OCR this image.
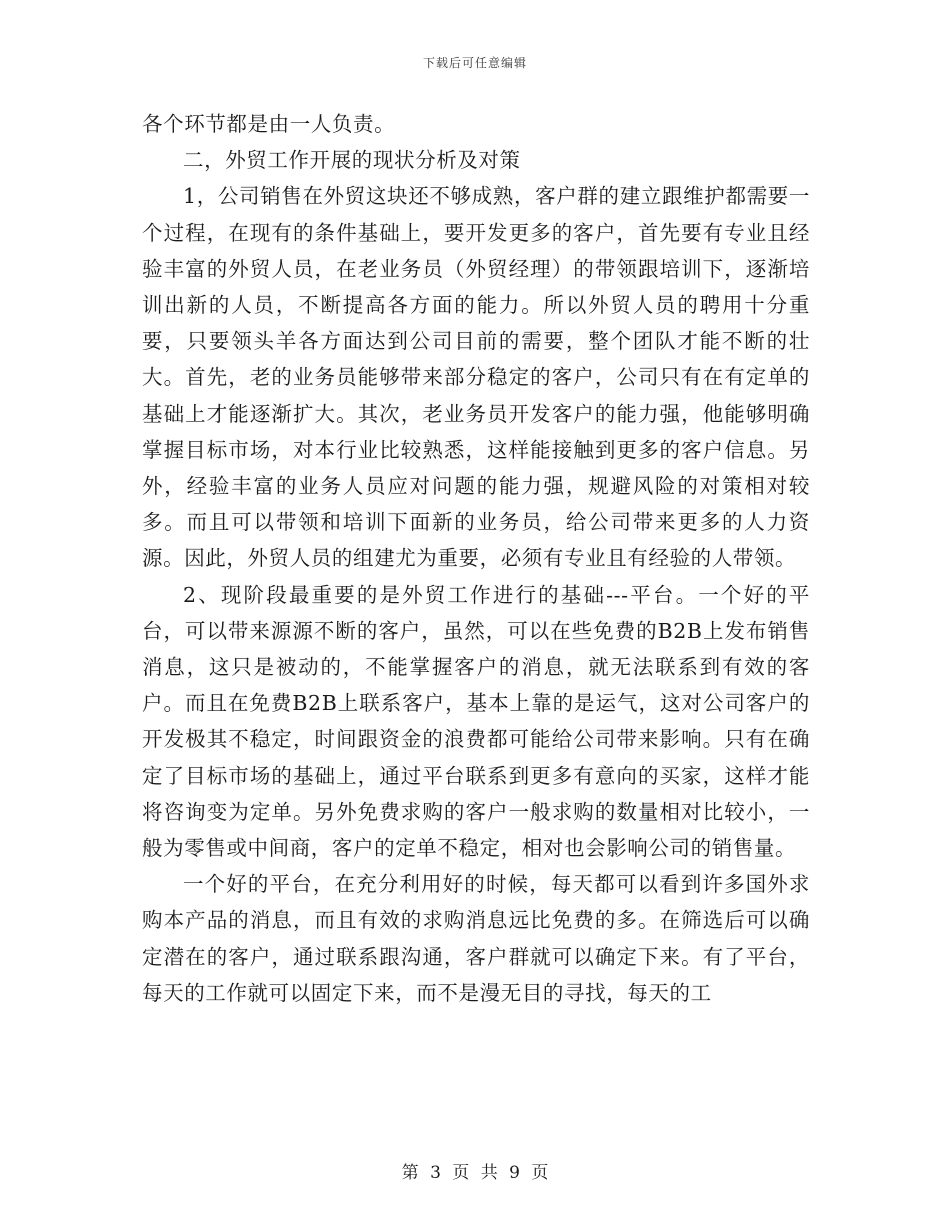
下载后可任意编辑

各个环节都是由一人负责。

二，外贸工作开展的现状分析及对策

1，公司销售在外贸这块还不够成熟，客户群的建立跟维护都需要一个过程，在现有的条件基础上，要开发更多的客户，首先要有专业且经验丰富的外贸人员，在老业务员（外贸经理）的带领跟培训下，逐渐培训出新的人员，不断提高各方面的能力。所以外贸人员的聘用十分重要，只要领头羊各方面达到公司目前的需要，整个团队才能不断的壮大。首先，老的业务员能够带来部分稳定的客户，公司只有在有定单的基础上才能逐渐扩大。其次，老业务员开发客户的能力强，他能够明确掌握目标市场，对本行业比较熟悉，这样能接触到更多的客户信息。另外，经验丰富的业务人员应对问题的能力强，规避风险的对策相对较多。而且可以带领和培训下面新的业务员，给公司带来更多的人力资源。因此，外贸人员的组建尤为重要，必须有专业且有经验的人带领。

2、现阶段最重要的是外贸工作进行的基础---平台。一个好的平台，可以带来源源不断的客户，虽然，可以在些免费的B2B上发布销售消息，这只是被动的，不能掌握客户的消息，就无法联系到有效的客户。而且在免费B2B上联系客户，基本上靠的是运气，这对公司客户的开发极其不稳定，时间跟资金的浪费都可能给公司带来影响。只有在确定了目标市场的基础上，通过平台联系到更多有意向的买家，这样才能将咨询变为定单。另外免费求购的客户一般求购的数量相对比较小，一般为零售或中间商，客户的定单不稳定，相对也会影响公司的销售量。

一个好的平台，在充分利用好的时候，每天都可以看到许多国外求购本产品的消息，而且有效的求购消息远比免费的多。在筛选后可以确定潜在的客户，通过联系跟沟通，客户群就可以确定下来。有了平台，每天的工作就可以固定下来，而不是漫无目的寻找，每天的工

第 3 页 共 9 页
